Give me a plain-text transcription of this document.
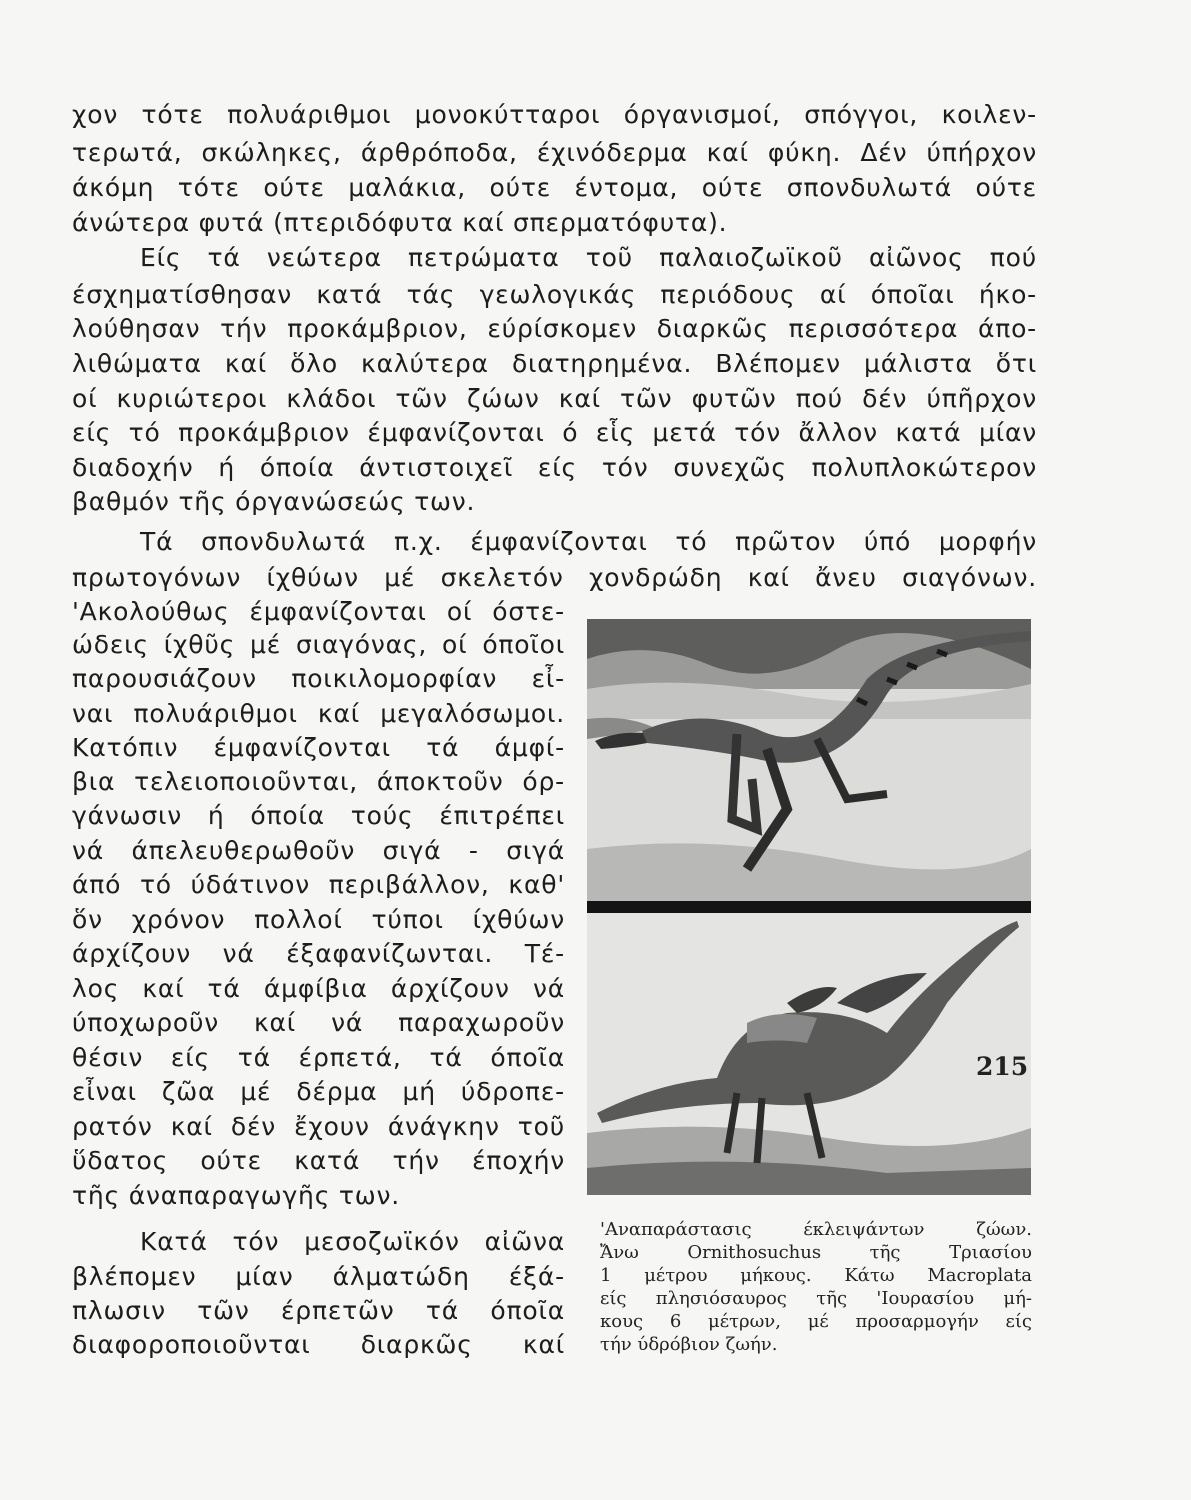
χον τότε πολυάριθμοι μονοκύτταροι όργανισμοί, σπόγγοι, κοιλεν-
τερωτά, σκώληκες, άρθρόποδα, έχινόδερμα καί φύκη. Δέν ύπήρχον
άκόμη τότε ούτε μαλάκια, ούτε έντομα, ούτε σπονδυλωτά ούτε
άνώτερα φυτά (πτεριδόφυτα καί σπερματόφυτα).
Είς τά νεώτερα πετρώματα τοῦ παλαιοζωϊκοῦ αἰῶνος πού
έσχηματίσθησαν κατά τάς γεωλογικάς περιόδους αί όποῖαι ήκο-
λούθησαν τήν προκάμβριον, εύρίσκομεν διαρκῶς περισσότερα άπο-
λιθώματα καί ὅλο καλύτερα διατηρημένα. Βλέπομεν μάλιστα ὅτι
οί κυριώτεροι κλάδοι τῶν ζώων καί τῶν φυτῶν πού δέν ύπῆρχον
είς τό προκάμβριον έμφανίζονται ό εἷς μετά τόν ἄλλον κατά μίαν
διαδοχήν ή όποία άντιστοιχεῖ είς τόν συνεχῶς πολυπλοκώτερον
βαθμόν τῆς όργανώσεώς των.
Τά σπονδυλωτά π.χ. έμφανίζονται τό πρῶτον ύπό μορφήν
πρωτογόνων ίχθύων μέ σκελετόν χονδρώδη καί ἄνευ σιαγόνων.
'Ακολούθως έμφανίζονται οί όστε-
ώδεις ίχθῦς μέ σιαγόνας, οί όποῖοι
παρουσιάζουν ποικιλομορφίαν εἶ-
ναι πολυάριθμοι καί μεγαλόσωμοι.
Κατόπιν έμφανίζονται τά άμφί-
βια τελειοποιοῦνται, άποκτοῦν όρ-
γάνωσιν ή όποία τούς έπιτρέπει
νά άπελευθερωθοῦν σιγά - σιγά
άπό τό ύδάτινον περιβάλλον, καθ'
ὅν χρόνον πολλοί τύποι ίχθύων
άρχίζουν νά έξαφανίζωνται. Τέ-
λος καί τά άμφίβια άρχίζουν νά
ύποχωροῦν καί νά παραχωροῦν
θέσιν είς τά έρπετά, τά όποῖα
εἶναι ζῶα μέ δέρμα μή ύδροπε-
ρατόν καί δέν ἔχουν άνάγκην τοῦ
ὕδατος ούτε κατά τήν έποχήν
τῆς άναπαραγωγῆς των.
Κατά τόν μεσοζωϊκόν αἰῶνα
βλέπομεν μίαν άλματώδη έξά-
πλωσιν τῶν έρπετῶν τά όποῖα
διαφοροποιοῦνται διαρκῶς καί
'Αναπαράστασις έκλειψάντων ζώων.
Ἄνω Ornithosuchus τῆς Τριασίου
1 μέτρου μήκους. Κάτω Macroplata
είς πλησιόσαυρος τῆς 'Ιουρασίου μή-
κους 6 μέτρων, μέ προσαρμογήν είς
τήν ύδρόβιον ζωήν.
215
